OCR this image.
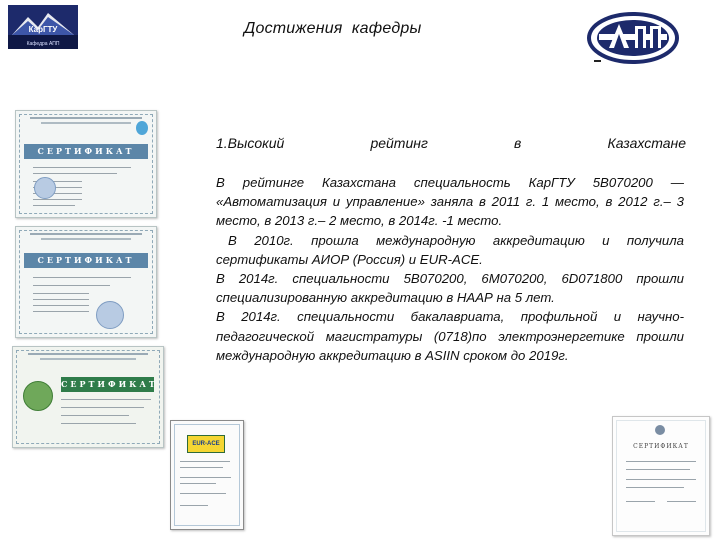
КарГТУ
Кафедра АПП
Достижения  кафедры
1.Высокий	рейтинг	в	Казахстане

В рейтинге Казахстана специальность КарГТУ 5В070200 — «Автоматизация и управление» заняла в 2011 г. 1 место, в 2012 г.– 3 место, в 2013 г.– 2 место, в 2014г. -1 место.

В 2010г. прошла международную аккредитацию и получила сертификаты АИОР (Россия) и EUR-ACE.

В 2014г. специальности 5В070200, 6М070200, 6D071800 прошли специализированную аккредитацию в НААР на 5 лет.

В 2014г. специальности бакалавриата, профильной и научно-педагогической магистратуры (0718)по электроэнергетике прошли международную аккредитацию в ASIIN сроком до 2019г.

СЕРТИФИКАТ
СЕРТИФИКАТ
СЕРТИФИКАТ
EUR-ACE	СЕРТИФИКАТ
